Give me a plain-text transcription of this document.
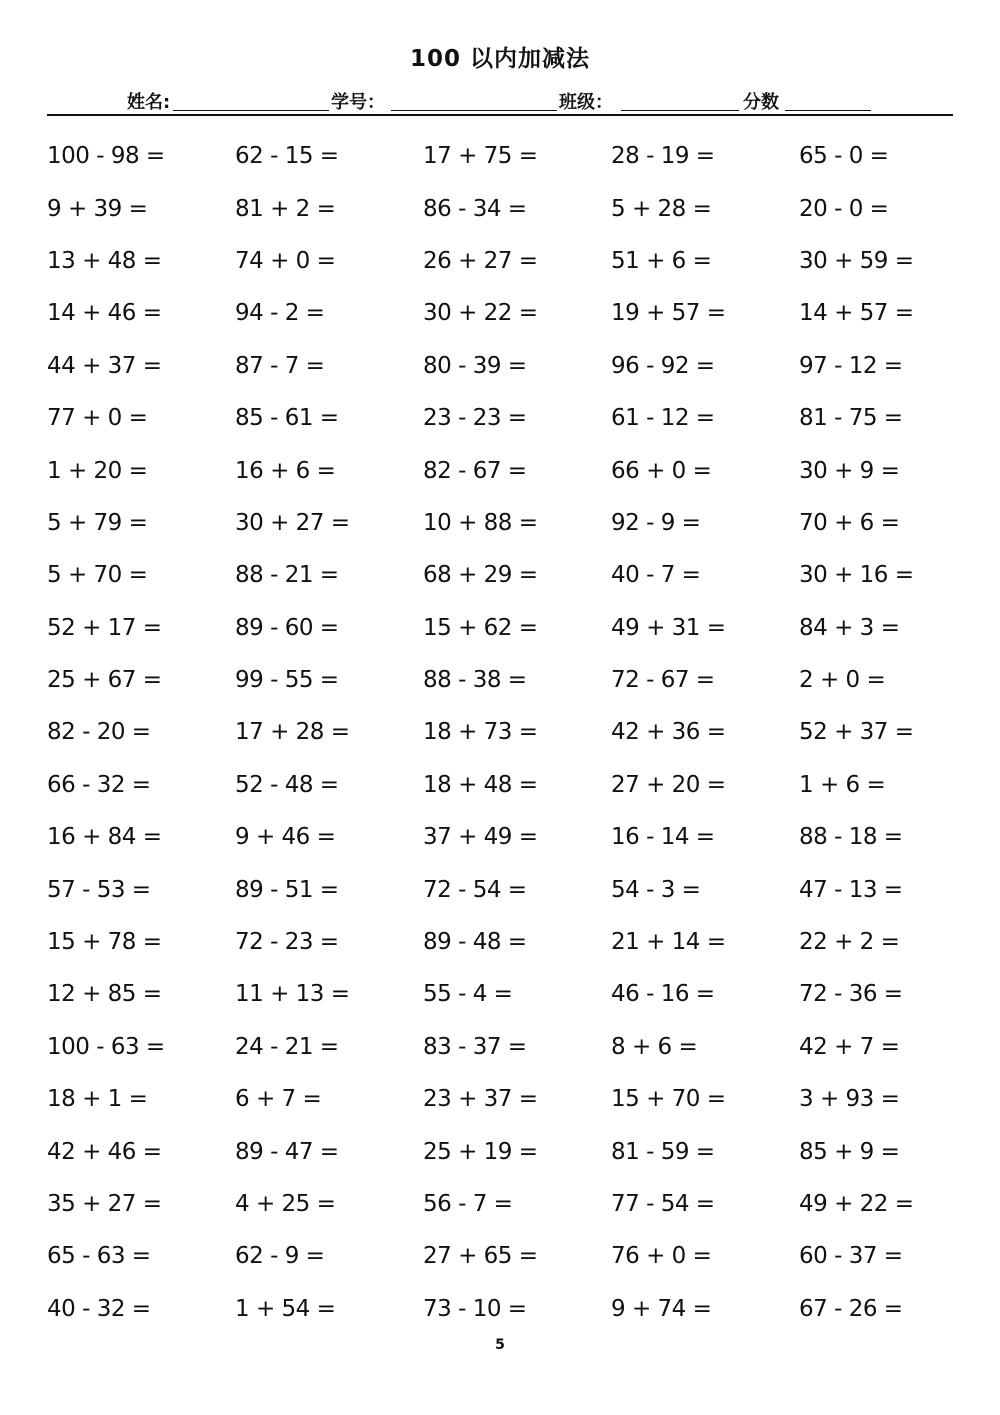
100 以内加减法
姓名:	学号：	班级：	分数
100 - 98 =	62 - 15 =	17 + 75 =	28 - 19 =	65 - 0 =
9 + 39 =	81 + 2 =	86 - 34 =	5 + 28 =	20 - 0 =
13 + 48 =	74 + 0 =	26 + 27 =	51 + 6 =	30 + 59 =
14 + 46 =	94 - 2 =	30 + 22 =	19 + 57 =	14 + 57 =
44 + 37 =	87 - 7 =	80 - 39 =	96 - 92 =	97 - 12 =
77 + 0 =	85 - 61 =	23 - 23 =	61 - 12 =	81 - 75 =
1 + 20 =	16 + 6 =	82 - 67 =	66 + 0 =	30 + 9 =
5 + 79 =	30 + 27 =	10 + 88 =	92 - 9 =	70 + 6 =
5 + 70 =	88 - 21 =	68 + 29 =	40 - 7 =	30 + 16 =
52 + 17 =	89 - 60 =	15 + 62 =	49 + 31 =	84 + 3 =
25 + 67 =	99 - 55 =	88 - 38 =	72 - 67 =	2 + 0 =
82 - 20 =	17 + 28 =	18 + 73 =	42 + 36 =	52 + 37 =
66 - 32 =	52 - 48 =	18 + 48 =	27 + 20 =	1 + 6 =
16 + 84 =	9 + 46 =	37 + 49 =	16 - 14 =	88 - 18 =
57 - 53 =	89 - 51 =	72 - 54 =	54 - 3 =	47 - 13 =
15 + 78 =	72 - 23 =	89 - 48 =	21 + 14 =	22 + 2 =
12 + 85 =	11 + 13 =	55 - 4 =	46 - 16 =	72 - 36 =
100 - 63 =	24 - 21 =	83 - 37 =	8 + 6 =	42 + 7 =
18 + 1 =	6 + 7 =	23 + 37 =	15 + 70 =	3 + 93 =
42 + 46 =	89 - 47 =	25 + 19 =	81 - 59 =	85 + 9 =
35 + 27 =	4 + 25 =	56 - 7 =	77 - 54 =	49 + 22 =
65 - 63 =	62 - 9 =	27 + 65 =	76 + 0 =	60 - 37 =
40 - 32 =	1 + 54 =	73 - 10 =	9 + 74 =	67 - 26 =
5
